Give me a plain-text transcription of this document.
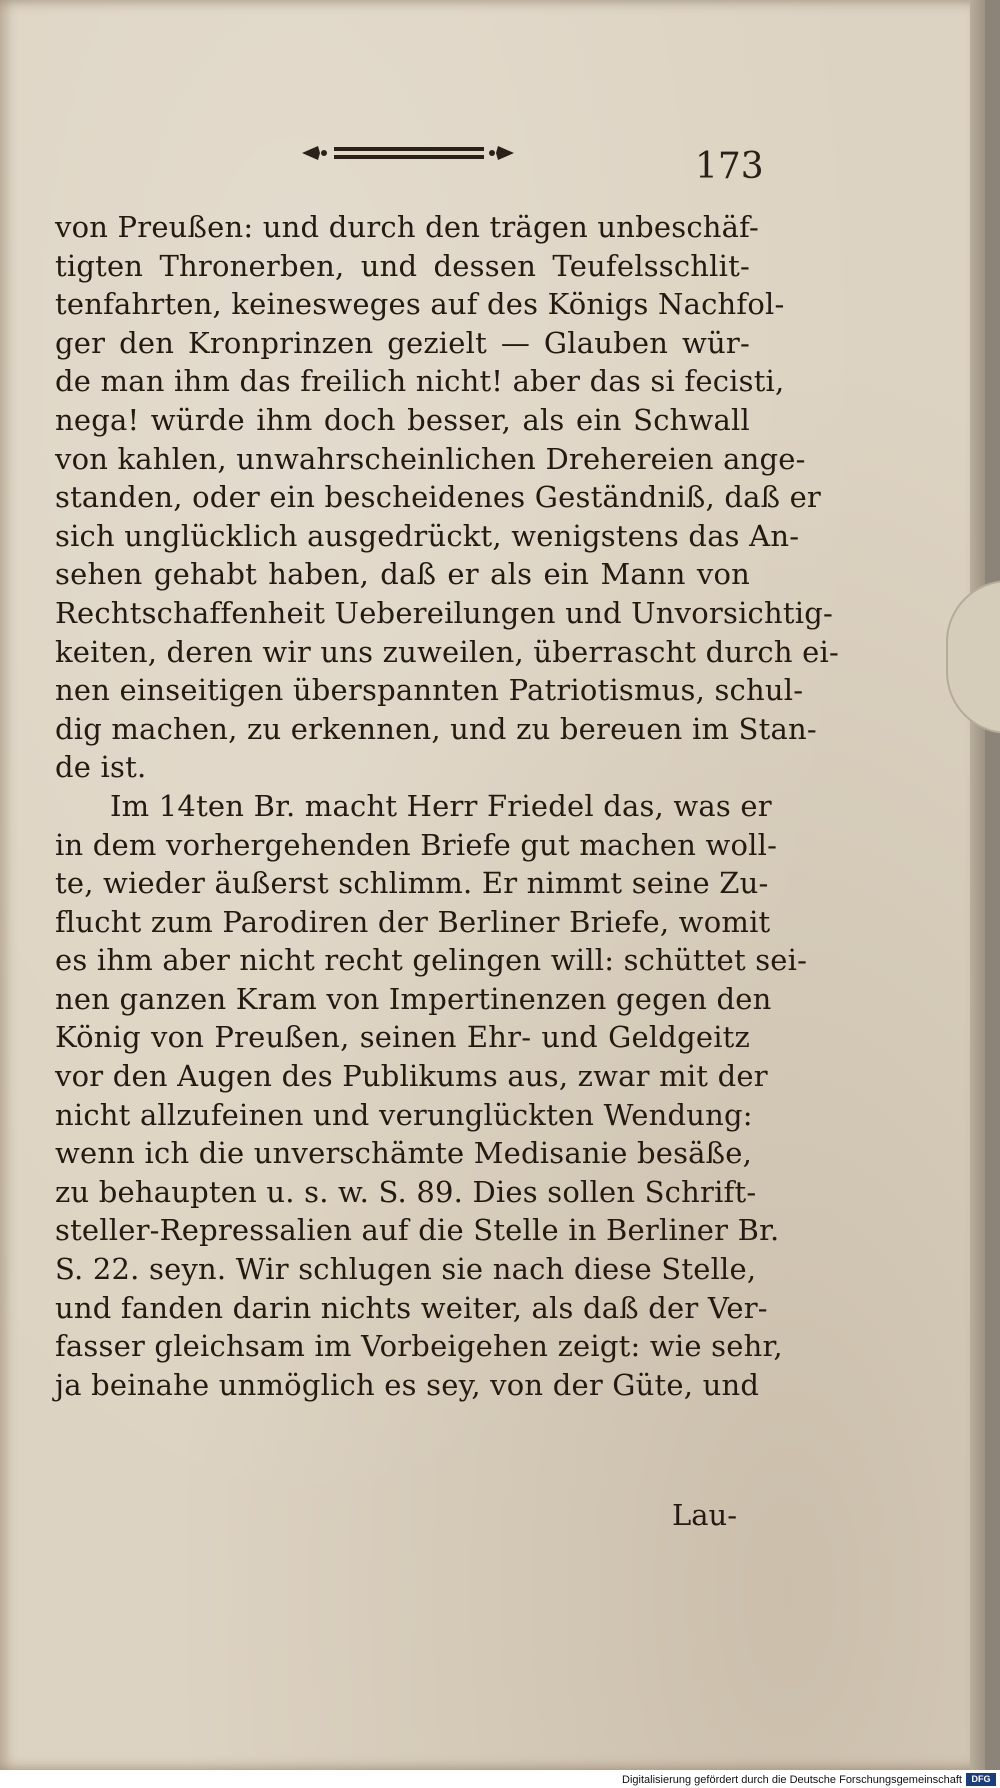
173
von Preußen: und durch den trägen unbeschäf-
tigten Thronerben, und dessen Teufelsschlit-
tenfahrten, keinesweges auf des Königs Nachfol-
ger den Kronprinzen gezielt — Glauben wür-
de man ihm das freilich nicht! aber das si fecisti,
nega! würde ihm doch besser, als ein Schwall
von kahlen, unwahrscheinlichen Drehereien ange-
standen, oder ein bescheidenes Geständniß, daß er
sich unglücklich ausgedrückt, wenigstens das An-
sehen gehabt haben, daß er als ein Mann von
Rechtschaffenheit Uebereilungen und Unvorsichtig-
keiten, deren wir uns zuweilen, überrascht durch ei-
nen einseitigen überspannten Patriotismus, schul-
dig machen, zu erkennen, und zu bereuen im Stan-
de ist.
Im 14ten Br. macht Herr Friedel das, was er
in dem vorhergehenden Briefe gut machen woll-
te, wieder äußerst schlimm. Er nimmt seine Zu-
flucht zum Parodiren der Berliner Briefe, womit
es ihm aber nicht recht gelingen will: schüttet sei-
nen ganzen Kram von Impertinenzen gegen den
König von Preußen, seinen Ehr- und Geldgeitz
vor den Augen des Publikums aus, zwar mit der
nicht allzufeinen und verunglückten Wendung:
wenn ich die unverschämte Medisanie besäße,
zu behaupten u. s. w. S. 89. Dies sollen Schrift-
steller-Repressalien auf die Stelle in Berliner Br.
S. 22. seyn. Wir schlugen sie nach diese Stelle,
und fanden darin nichts weiter, als daß der Ver-
fasser gleichsam im Vorbeigehen zeigt: wie sehr,
ja beinahe unmöglich es sey, von der Güte, und
Lau-
Digitalisierung gefördert durch die Deutsche Forschungsgemeinschaft	DFG
